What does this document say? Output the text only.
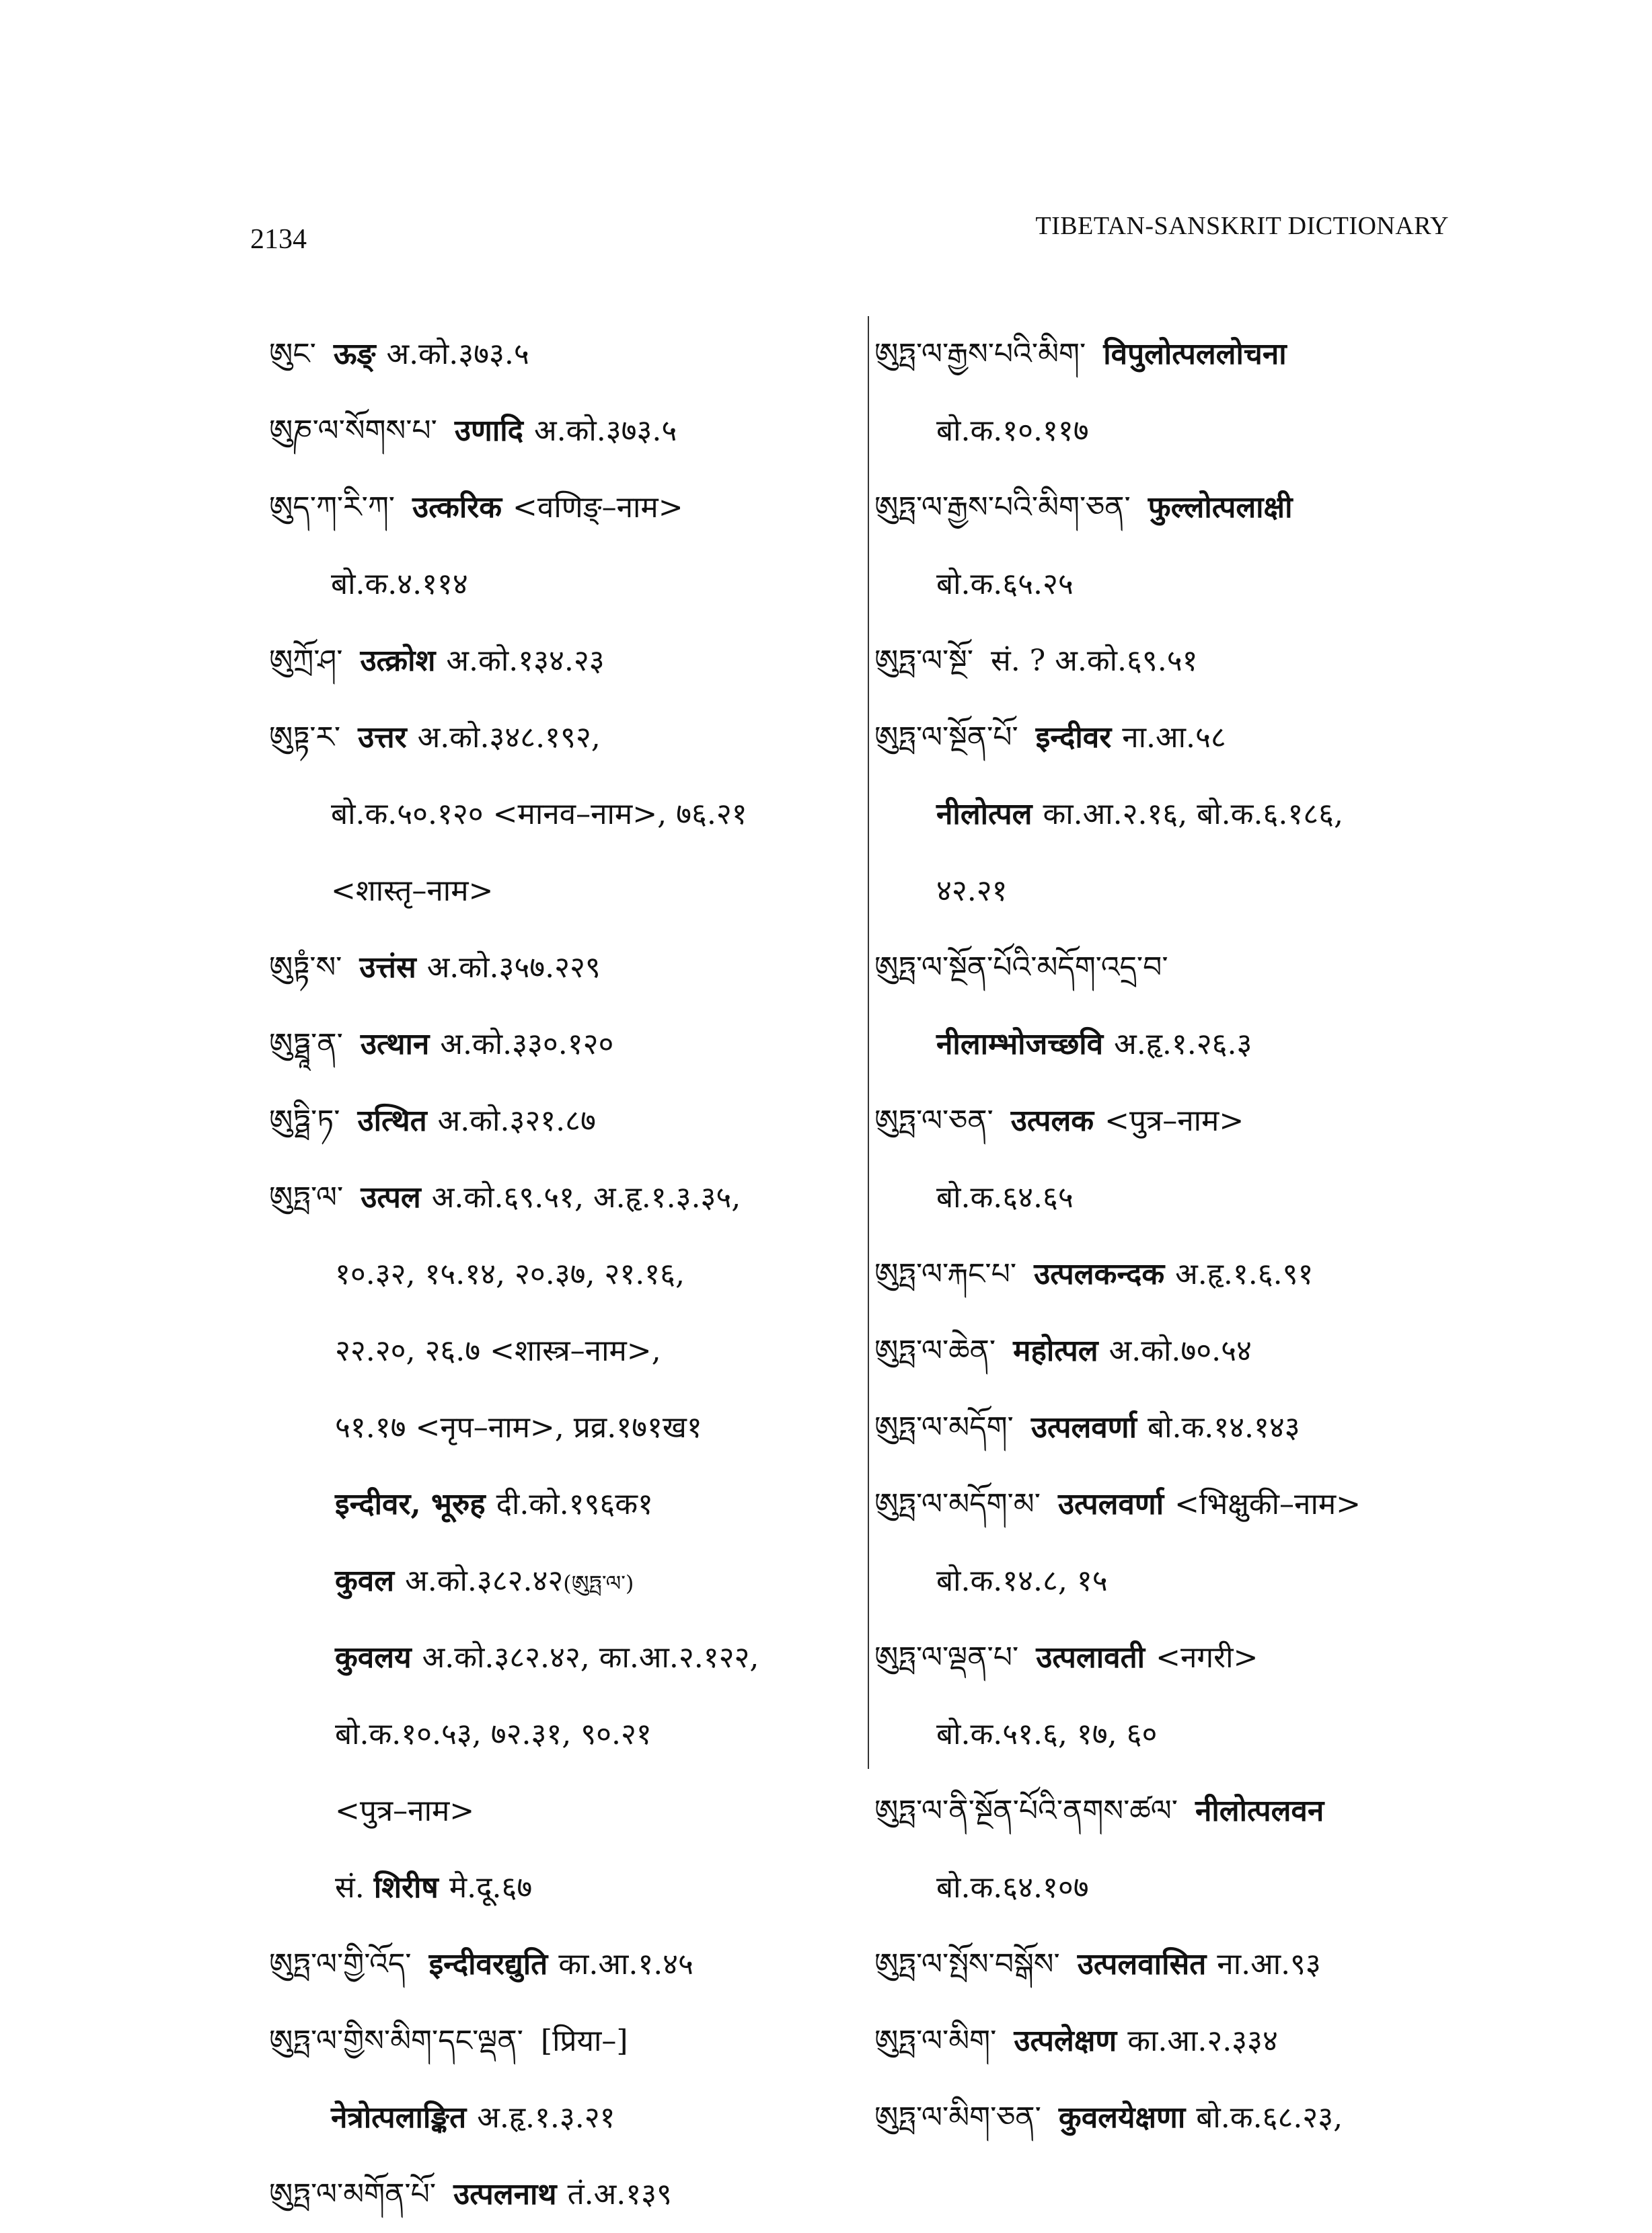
2134	TIBETAN-SANSKRIT DICTIONARY
ཨུང་ ऊङ् अ.को.३७३.५
ཨུཎ་ལ་སོགས་པ་ उणादि अ.को.३७३.५
ཨུད་ཀ་རི་ཀ་ उत्करिक <वणिङ्–नाम>
बो.क.४.११४
ཨུཀྲོ་ཤ་ उत्क्रोश अ.को.१३४.२३
ཨུཏྟ་ར་ उत्तर अ.को.३४८.१९२,
बो.क.५०.१२० <मानव–नाम>, ७६.२१
<शास्तृ–नाम>
ཨུཏྟཾ་ས་ उत्तंस अ.को.३५७.२२९
ཨུཏྠཱ་ན་ उत्थान अ.को.३३०.१२०
ཨུཏྠི་ཏ་ उत्थित अ.को.३२१.८७
ཨུཏྤ་ལ་ उत्पल अ.को.६९.५१, अ.हृ.१.३.३५,
१०.३२, १५.१४, २०.३७, २१.१६,
२२.२०, २६.७ <शास्त्र–नाम>,
५१.१७ <नृप–नाम>, प्रव्र.१७१ख१
इन्दीवर, भूरुह दी.को.१९६क१
कुवल अ.को.३८२.४२(ཨུཏྤ་ལ་)
कुवलय अ.को.३८२.४२, का.आ.२.१२२,
बो.क.१०.५३, ७२.३१, ९०.२१
<पुत्र–नाम>
सं. शिरीष मे.दू.६७
ཨུཏྤ་ལ་གྱི་འོད་ इन्दीवरद्युति का.आ.१.४५
ཨུཏྤ་ལ་གྱིས་མིག་དང་ལྡན་ [प्रिया–]
नेत्रोत्पलाङ्कित अ.हृ.१.३.२१
ཨུཏྤ་ལ་མགོན་པོ་ उत्पलनाथ तं.अ.१३९
ཨུཏྤ་ལ་རྒྱས་པའི་མིག་ विपुलोत्पललोचना
बो.क.१०.११७
ཨུཏྤ་ལ་རྒྱས་པའི་མིག་ཅན་ फुल्लोत्पलाक्षी
बो.क.६५.२५
ཨུཏྤ་ལ་སྔོ་ सं. ? अ.को.६९.५१
ཨུཏྤ་ལ་སྔོན་པོ་ इन्दीवर ना.आ.५८
नीलोत्पल का.आ.२.१६, बो.क.६.१८६,
४२.२१
ཨུཏྤ་ལ་སྔོན་པོའི་མདོག་འདྲ་བ་
नीलाम्भोजच्छवि अ.हृ.१.२६.३
ཨུཏྤ་ལ་ཅན་ उत्पलक <पुत्र–नाम>
बो.क.६४.६५
ཨུཏྤ་ལ་རྐང་པ་ उत्पलकन्दक अ.हृ.१.६.९१
ཨུཏྤ་ལ་ཆེན་ महोत्पल अ.को.७०.५४
ཨུཏྤ་ལ་མདོག་ उत्पलवर्णा बो.क.१४.१४३
ཨུཏྤ་ལ་མདོག་མ་ उत्पलवर्णा <भिक्षुकी–नाम>
बो.क.१४.८, १५
ཨུཏྤ་ལ་ལྡན་པ་ उत्पलावती <नगरी>
बो.क.५१.६, १७, ६०
ཨུཏྤ་ལ་ནི་སྔོན་པོའི་ནགས་ཚལ་ नीलोत्पलवन
बो.क.६४.१०७
ཨུཏྤ་ལ་སྤོས་བསྒོས་ उत्पलवासित ना.आ.९३
ཨུཏྤ་ལ་མིག་ उत्पलेक्षण का.आ.२.३३४
ཨུཏྤ་ལ་མིག་ཅན་ कुवलयेक्षणा बो.क.६८.२३,
